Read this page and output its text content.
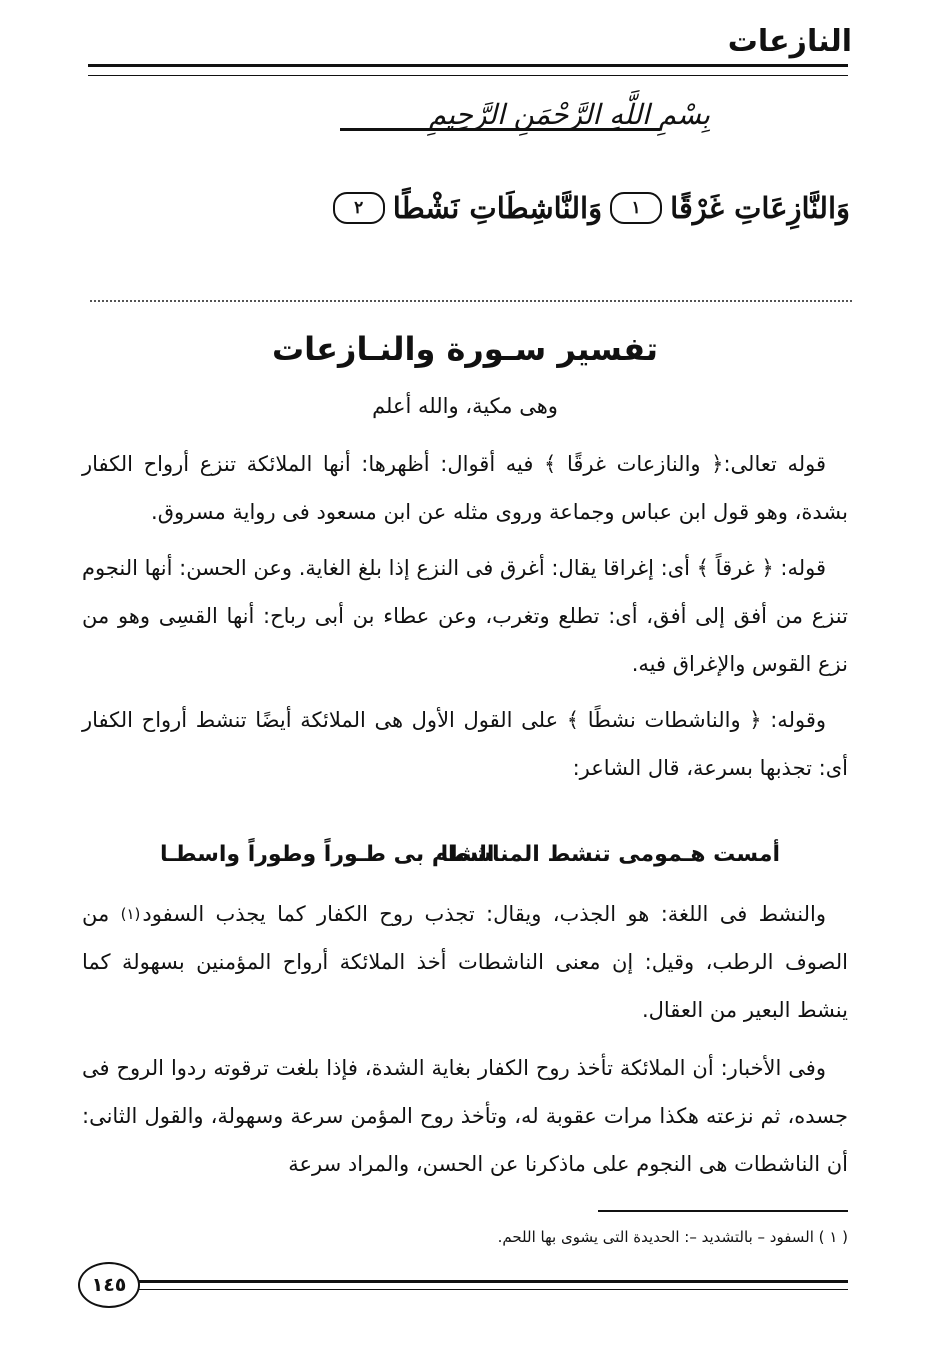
النازعات
بِسْمِ اللَّهِ الرَّحْمَنِ الرَّحِيمِ
وَالنَّازِعَاتِ غَرْقًا
١
وَالنَّاشِطَاتِ نَشْطًا
٢
تفسير سـورة والنـازعات
وهى مكية، والله أعلم

قوله تعالى:﴿ والنازعات غرقًا ﴾ فيه أقوال: أظهرها: أنها الملائكة تنزع أرواح الكفار بشدة، وهو قول ابن عباس وجماعة وروى مثله عن ابن مسعود فى رواية مسروق.

قوله: ﴿ غرقاً ﴾ أى: إغراقا يقال: أغرق فى النزع إذا بلغ الغاية. وعن الحسن: أنها النجوم تنزع من أفق إلى أفق، أى: تطلع وتغرب، وعن عطاء بن أبى رباح: أنها القسِى وهو من نزع القوس والإغراق فيه.

وقوله: ﴿ والناشطات نشطًا ﴾ على القول الأول هى الملائكة أيضًا تنشط أرواح الكفار أى: تجذبها بسرعة، قال الشاعر:

أمست هـمومى تنشط المناشطا
الشام بى طـوراً وطوراً واسطـا

والنشط فى اللغة: هو الجذب، ويقال: تجذب روح الكفار كما يجذب السفود$^{(١)}$ من الصوف الرطب، وقيل: إن معنى الناشطات أخذ الملائكة أرواح المؤمنين بسهولة كما ينشط البعير من العقال.

وفى الأخبار: أن الملائكة تأخذ روح الكفار بغاية الشدة، فإذا بلغت ترقوته ردوا الروح فى جسده، ثم نزعته هكذا مرات عقوبة له، وتأخذ روح المؤمن سرعة وسهولة، والقول الثانى: أن الناشطات هى النجوم على ماذكرنا عن الحسن، والمراد سرعة

( ١ ) السفود – بالتشديد –: الحديدة التى يشوى بها اللحم.
١٤٥
